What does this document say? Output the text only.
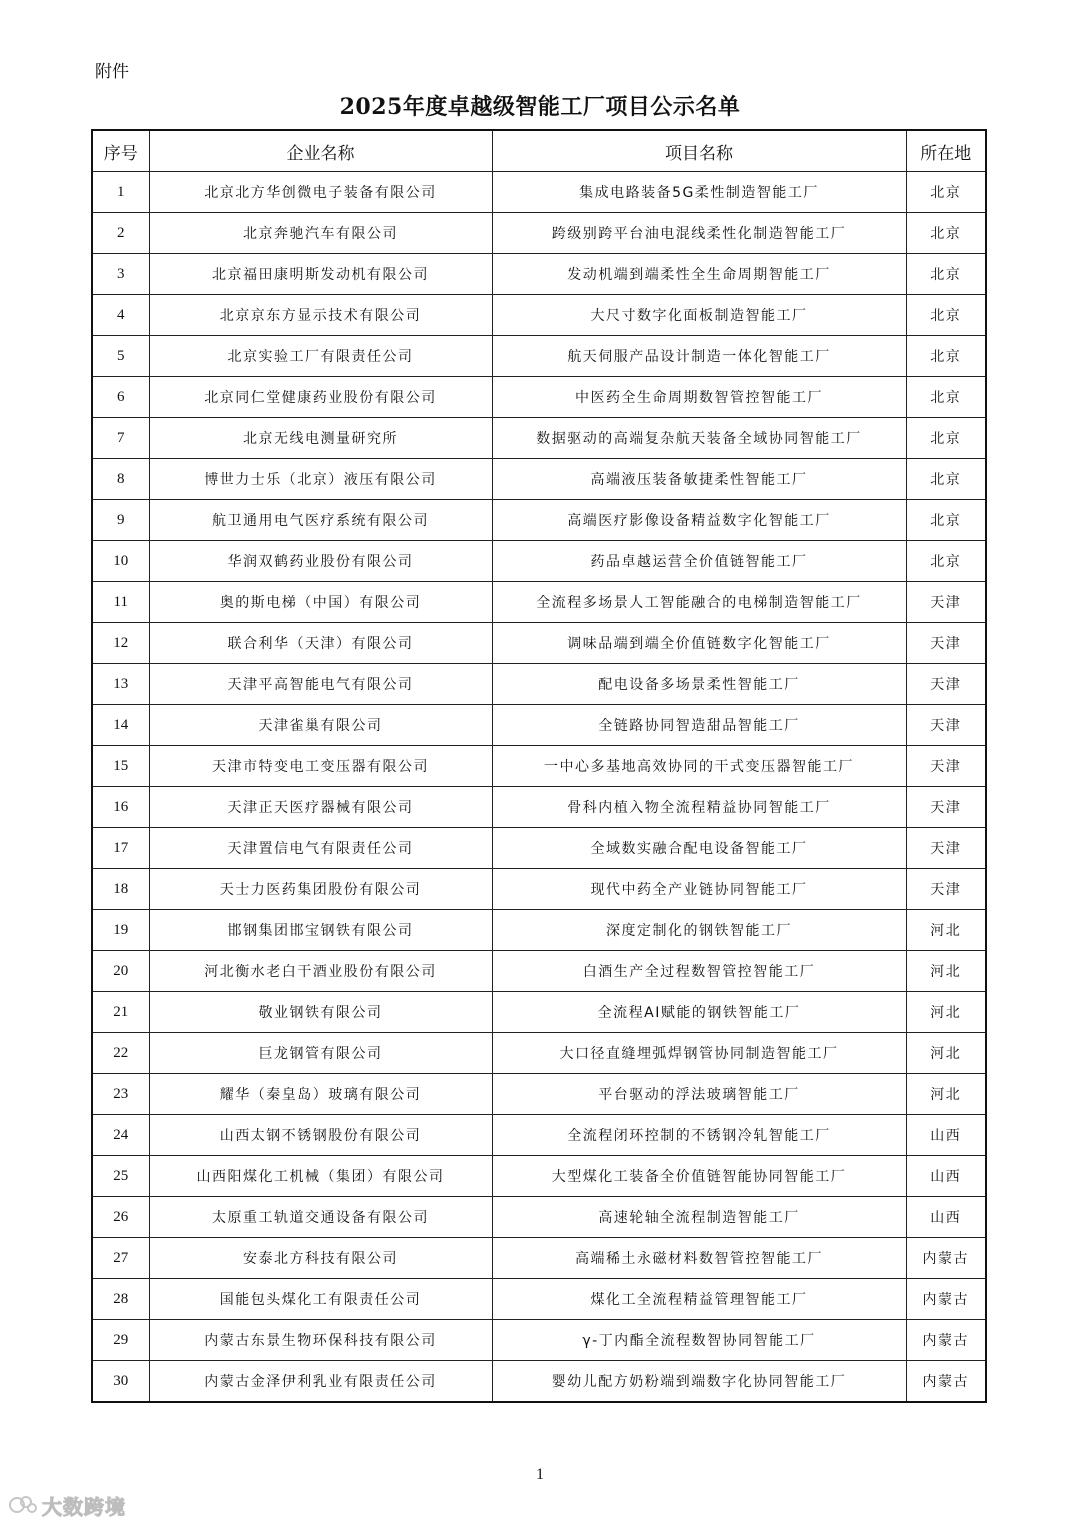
附件
2025年度卓越级智能工厂项目公示名单
序号	企业名称	项目名称	所在地
1	北京北方华创微电子装备有限公司	集成电路装备5G柔性制造智能工厂	北京
2	北京奔驰汽车有限公司	跨级别跨平台油电混线柔性化制造智能工厂	北京
3	北京福田康明斯发动机有限公司	发动机端到端柔性全生命周期智能工厂	北京
4	北京京东方显示技术有限公司	大尺寸数字化面板制造智能工厂	北京
5	北京实验工厂有限责任公司	航天伺服产品设计制造一体化智能工厂	北京
6	北京同仁堂健康药业股份有限公司	中医药全生命周期数智管控智能工厂	北京
7	北京无线电测量研究所	数据驱动的高端复杂航天装备全域协同智能工厂	北京
8	博世力士乐（北京）液压有限公司	高端液压装备敏捷柔性智能工厂	北京
9	航卫通用电气医疗系统有限公司	高端医疗影像设备精益数字化智能工厂	北京
10	华润双鹤药业股份有限公司	药品卓越运营全价值链智能工厂	北京
11	奥的斯电梯（中国）有限公司	全流程多场景人工智能融合的电梯制造智能工厂	天津
12	联合利华（天津）有限公司	调味品端到端全价值链数字化智能工厂	天津
13	天津平高智能电气有限公司	配电设备多场景柔性智能工厂	天津
14	天津雀巢有限公司	全链路协同智造甜品智能工厂	天津
15	天津市特变电工变压器有限公司	一中心多基地高效协同的干式变压器智能工厂	天津
16	天津正天医疗器械有限公司	骨科内植入物全流程精益协同智能工厂	天津
17	天津置信电气有限责任公司	全域数实融合配电设备智能工厂	天津
18	天士力医药集团股份有限公司	现代中药全产业链协同智能工厂	天津
19	邯钢集团邯宝钢铁有限公司	深度定制化的钢铁智能工厂	河北
20	河北衡水老白干酒业股份有限公司	白酒生产全过程数智管控智能工厂	河北
21	敬业钢铁有限公司	全流程AI赋能的钢铁智能工厂	河北
22	巨龙钢管有限公司	大口径直缝埋弧焊钢管协同制造智能工厂	河北
23	耀华（秦皇岛）玻璃有限公司	平台驱动的浮法玻璃智能工厂	河北
24	山西太钢不锈钢股份有限公司	全流程闭环控制的不锈钢冷轧智能工厂	山西
25	山西阳煤化工机械（集团）有限公司	大型煤化工装备全价值链智能协同智能工厂	山西
26	太原重工轨道交通设备有限公司	高速轮轴全流程制造智能工厂	山西
27	安泰北方科技有限公司	高端稀土永磁材料数智管控智能工厂	内蒙古
28	国能包头煤化工有限责任公司	煤化工全流程精益管理智能工厂	内蒙古
29	内蒙古东景生物环保科技有限公司	γ-丁内酯全流程数智协同智能工厂	内蒙古
30	内蒙古金泽伊利乳业有限责任公司	婴幼儿配方奶粉端到端数字化协同智能工厂	内蒙古
1
大数跨境
